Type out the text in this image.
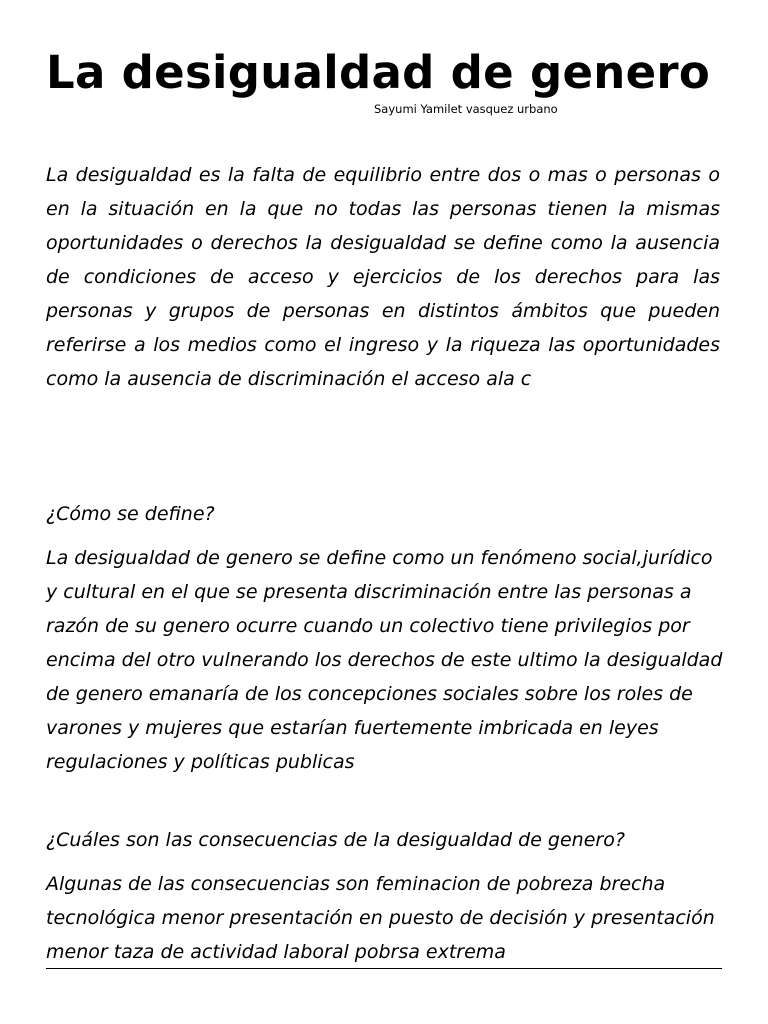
La desigualdad de genero
Sayumi Yamilet vasquez urbano

La desigualdad es la falta de equilibrio entre dos o mas o personas o en la situación en la que no todas las personas tienen la mismas oportunidades o derechos la desigualdad se define como la ausencia de condiciones de acceso y ejercicios de los derechos para las personas y grupos de personas en distintos ámbitos que pueden referirse a los medios como el ingreso y la riqueza las oportunidades como la ausencia de discriminación el acceso ala c

¿Cómo se define?

La desigualdad de genero se define como un fenómeno social,jurídico y cultural en el que se presenta discriminación entre las personas a razón de su genero ocurre cuando un colectivo tiene privilegios por encima del otro vulnerando los derechos de este ultimo la desigualdad de genero emanaría de los concepciones sociales sobre los roles de varones y mujeres que estarían fuertemente imbricada en leyes regulaciones y políticas publicas

¿Cuáles son las consecuencias de la desigualdad de genero?

Algunas de las consecuencias son feminacion de pobreza brecha tecnológica menor presentación en puesto de decisión y presentación menor taza de actividad laboral pobrsa extrema
